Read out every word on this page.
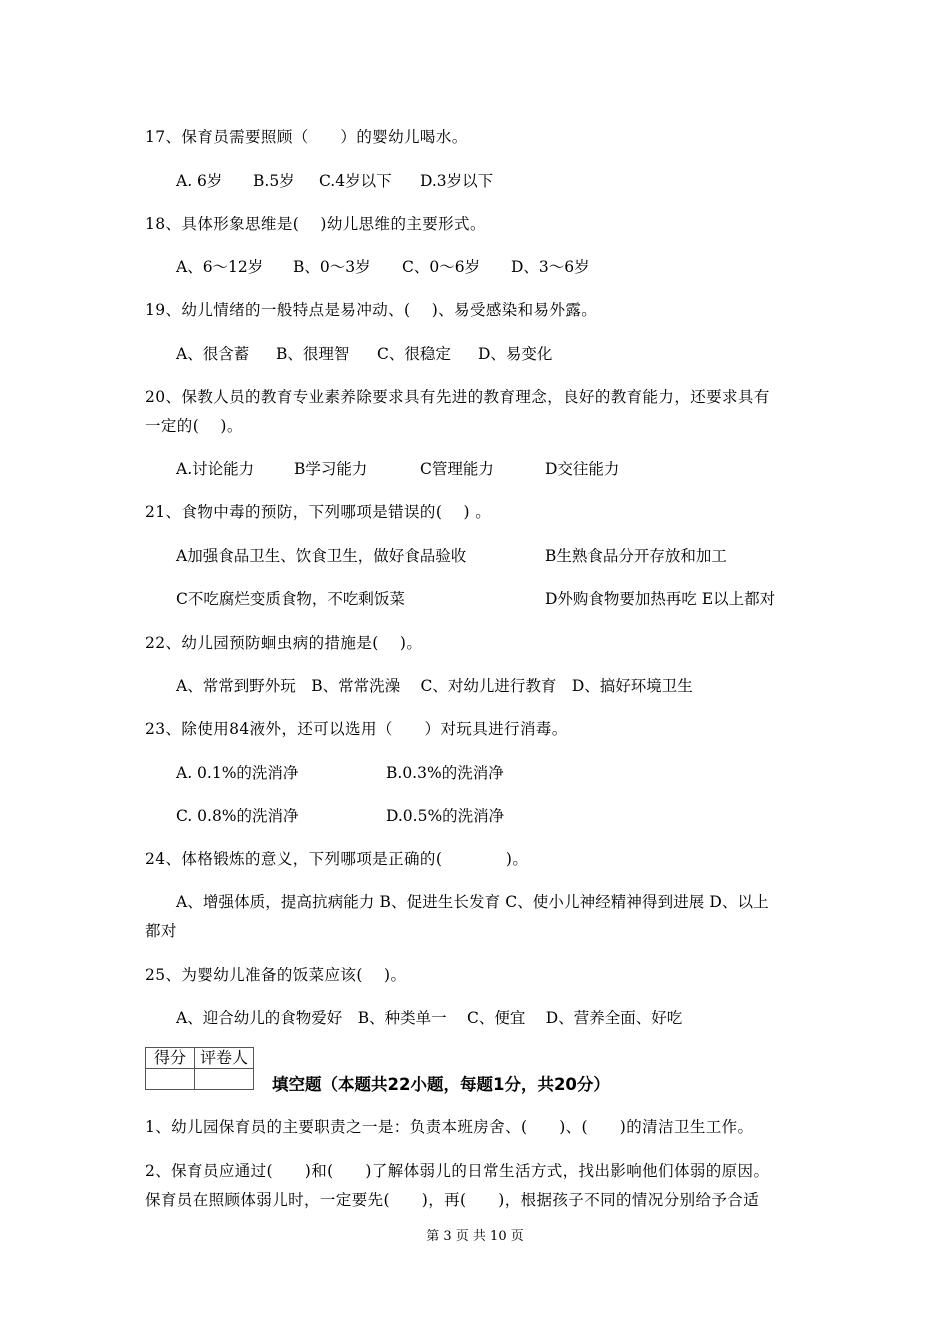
17、保育员需要照顾（　　）的婴幼儿喝水。
A. 6岁 B.5岁 C.4岁以下 D.3岁以下
18、具体形象思维是(　 )幼儿思维的主要形式。
A、6～12岁 B、0～3岁 C、0～6岁 D、3～6岁
19、幼儿情绪的一般特点是易冲动、(　 )、易受感染和易外露。
A、很含蓄 B、很理智 C、很稳定 D、易变化
20、保教人员的教育专业素养除要求具有先进的教育理念，良好的教育能力，还要求具有
一定的(　 )。
A.讨论能力	B学习能力	C管理能力	D交往能力
21、食物中毒的预防，下列哪项是错误的(　 ) 。
A加强食品卫生、饮食卫生，做好食品验收	B生熟食品分开存放和加工
C不吃腐烂变质食物，不吃剩饭菜	D外购食物要加热再吃 E以上都对
22、幼儿园预防蛔虫病的措施是(　 )。
A、常常到野外玩　B、常常洗澡　 C、对幼儿进行教育　D、搞好环境卫生
23、除使用84液外，还可以选用（　　）对玩具进行消毒。
A. 0.1%的洗消净	B.0.3%的洗消净
C. 0.8%的洗消净	D.0.5%的洗消净
24、体格锻炼的意义，下列哪项是正确的(　　　　)。
A、增强体质，提高抗病能力 B、促进生长发育 C、使小儿神经精神得到进展 D、以上
都对
25、为婴幼儿准备的饭菜应该(　 )。
A、迎合幼儿的食物爱好　B、种类单一　 C、便宜　 D、营养全面、好吃
得分	评卷人

填空题（本题共22小题，每题1分，共20分）
1、幼儿园保育员的主要职责之一是：负责本班房舍、(　　)、(　　)的清洁卫生工作。
2、保育员应通过(　　)和(　　)了解体弱儿的日常生活方式，找出影响他们体弱的原因。
保育员在照顾体弱儿时，一定要先(　　)，再(　　)，根据孩子不同的情况分别给予合适
第 3 页 共 10 页
